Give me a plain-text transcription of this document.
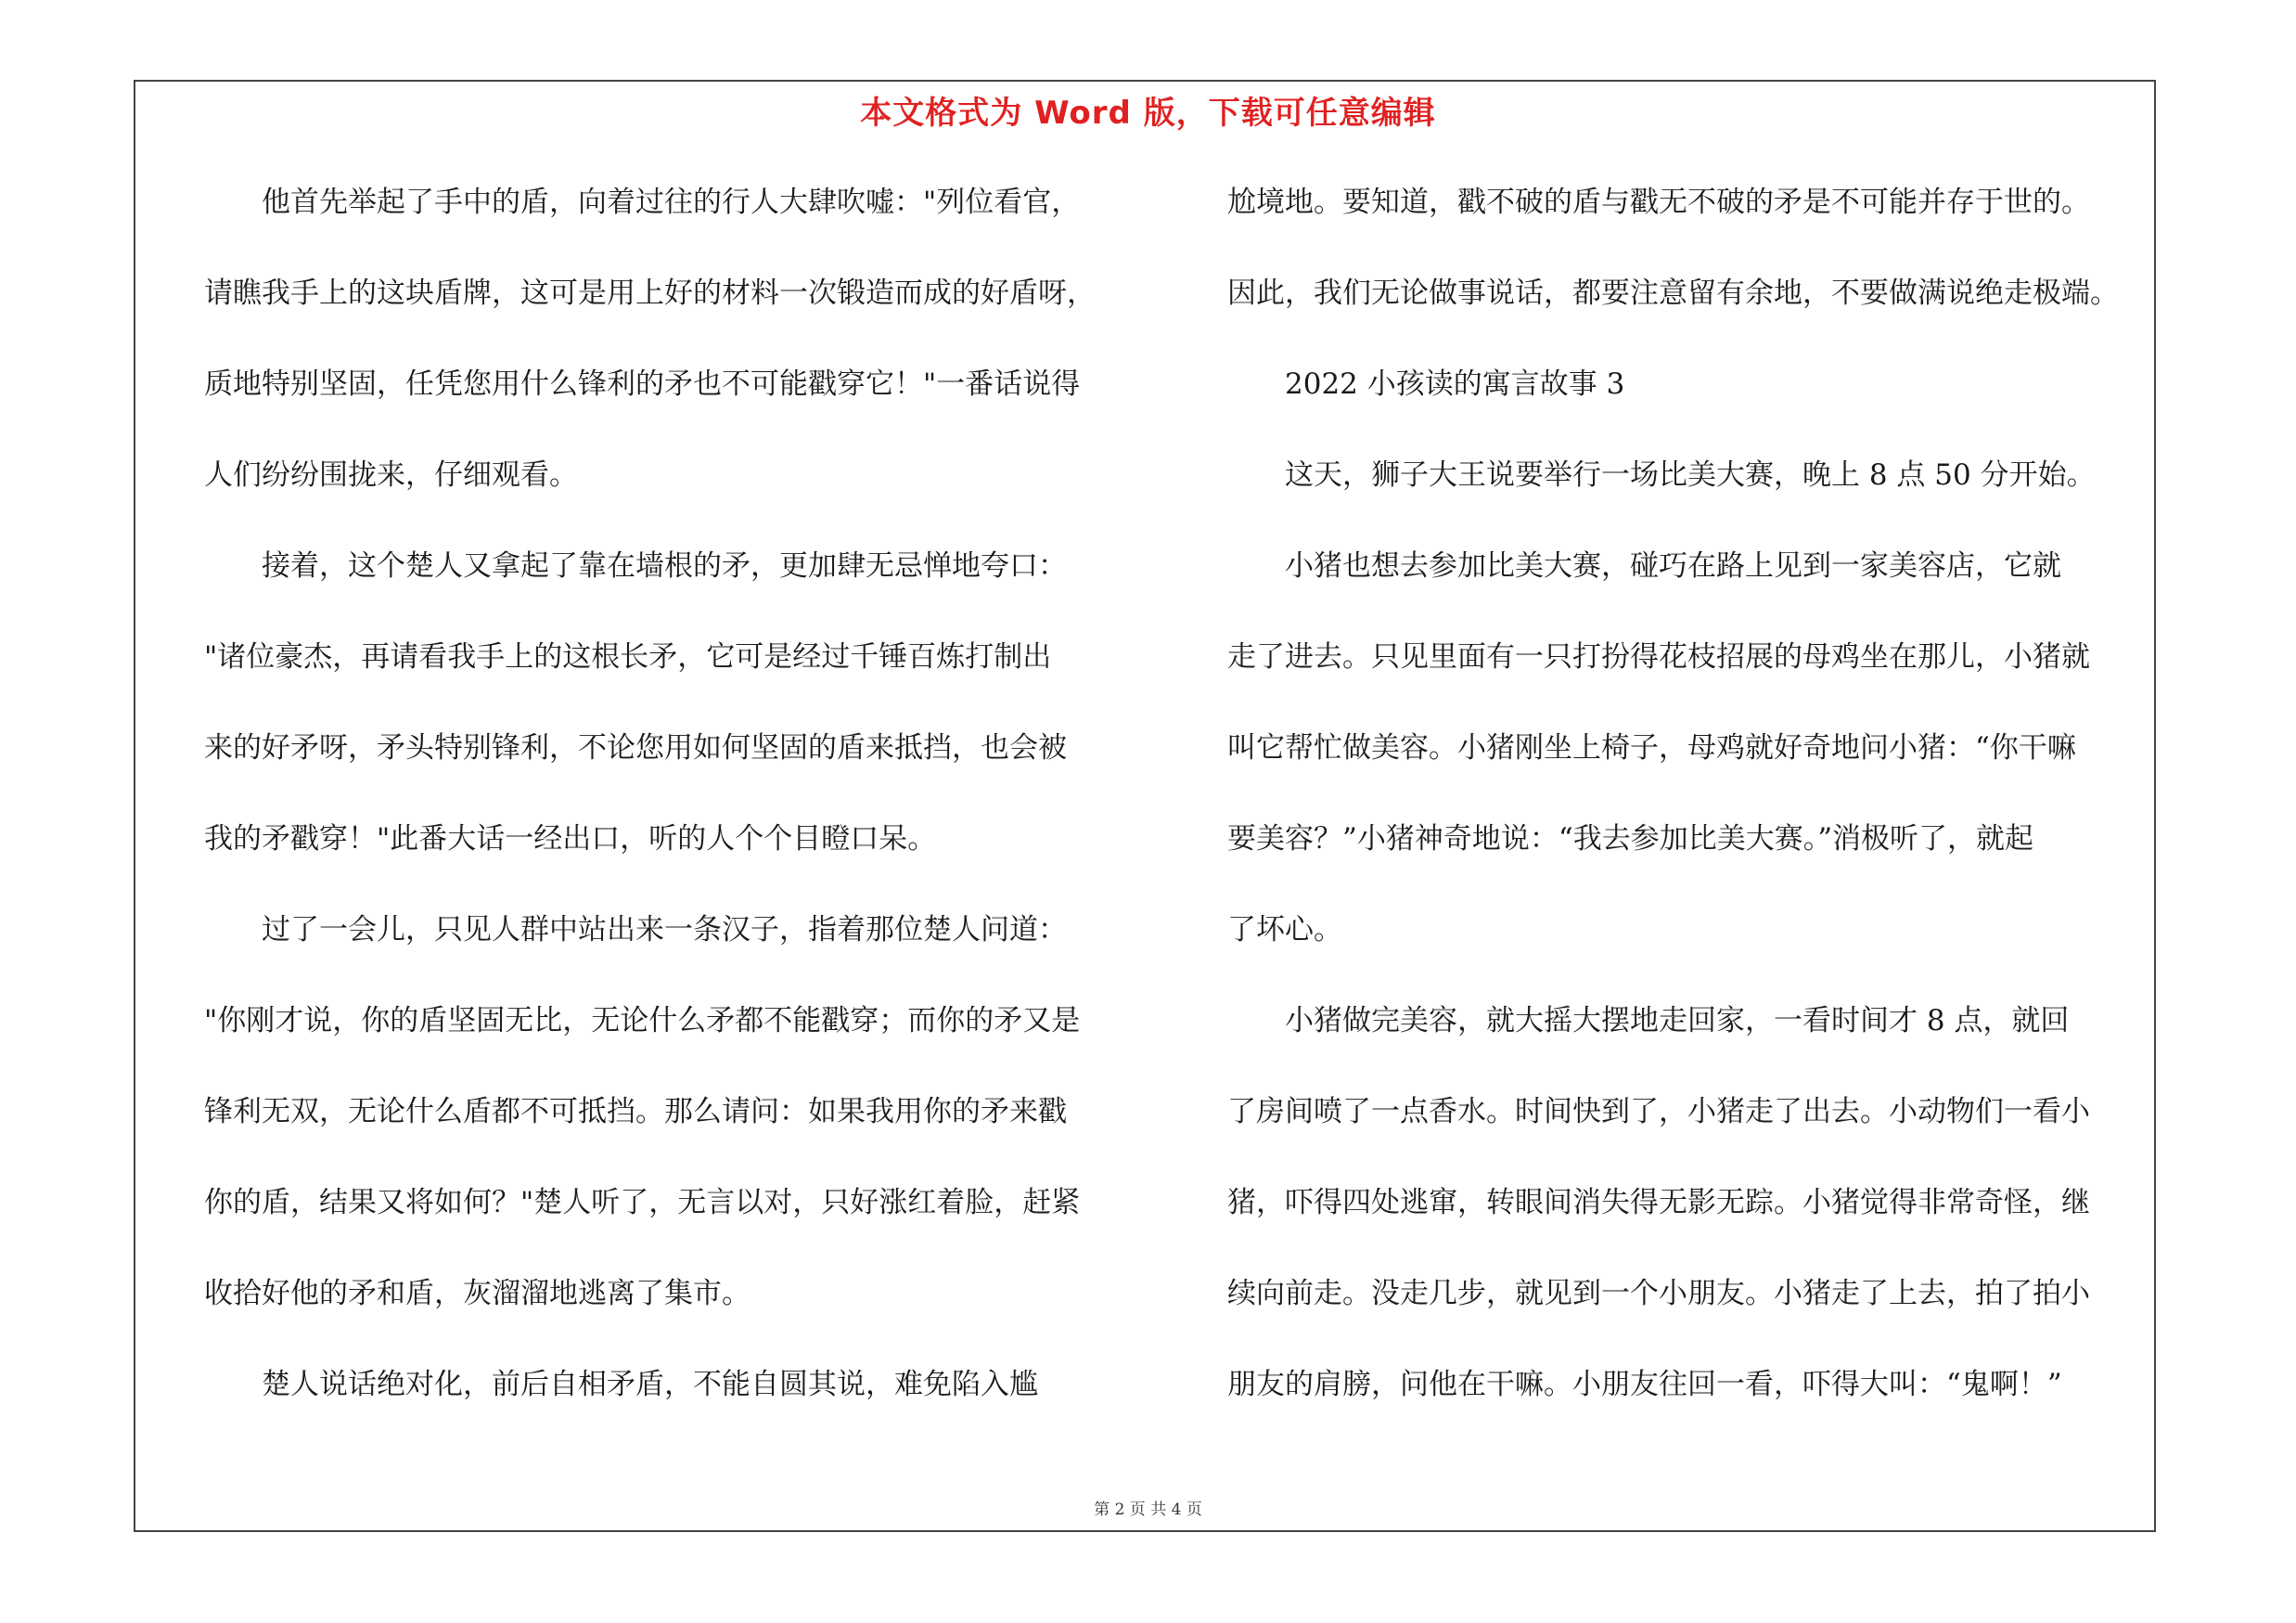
本文格式为 Word 版，下载可任意编辑
　　他首先举起了手中的盾，向着过往的行人大肆吹嘘："列位看官，
请瞧我手上的这块盾牌，这可是用上好的材料一次锻造而成的好盾呀，
质地特别坚固，任凭您用什么锋利的矛也不可能戳穿它！"一番话说得
人们纷纷围拢来，仔细观看。
　　接着，这个楚人又拿起了靠在墙根的矛，更加肆无忌惮地夸口：
"诸位豪杰，再请看我手上的这根长矛，它可是经过千锤百炼打制出
来的好矛呀，矛头特别锋利，不论您用如何坚固的盾来抵挡，也会被
我的矛戳穿！"此番大话一经出口，听的人个个目瞪口呆。
　　过了一会儿，只见人群中站出来一条汉子，指着那位楚人问道：
"你刚才说，你的盾坚固无比，无论什么矛都不能戳穿；而你的矛又是
锋利无双，无论什么盾都不可抵挡。那么请问：如果我用你的矛来戳
你的盾，结果又将如何？"楚人听了，无言以对，只好涨红着脸，赶紧
收拾好他的矛和盾，灰溜溜地逃离了集市。
　　楚人说话绝对化，前后自相矛盾，不能自圆其说，难免陷入尴
尬境地。要知道，戳不破的盾与戳无不破的矛是不可能并存于世的。
因此，我们无论做事说话，都要注意留有余地，不要做满说绝走极端。
　　2022 小孩读的寓言故事 3
　　这天，狮子大王说要举行一场比美大赛，晚上 8 点 50 分开始。
　　小猪也想去参加比美大赛，碰巧在路上见到一家美容店，它就
走了进去。只见里面有一只打扮得花枝招展的母鸡坐在那儿，小猪就
叫它帮忙做美容。小猪刚坐上椅子，母鸡就好奇地问小猪：“你干嘛
要美容？”小猪神奇地说：“我去参加比美大赛。”消极听了，就起
了坏心。
　　小猪做完美容，就大摇大摆地走回家，一看时间才 8 点，就回
了房间喷了一点香水。时间快到了，小猪走了出去。小动物们一看小
猪，吓得四处逃窜，转眼间消失得无影无踪。小猪觉得非常奇怪，继
续向前走。没走几步，就见到一个小朋友。小猪走了上去，拍了拍小
朋友的肩膀，问他在干嘛。小朋友往回一看，吓得大叫：“鬼啊！”
第 2 页 共 4 页
